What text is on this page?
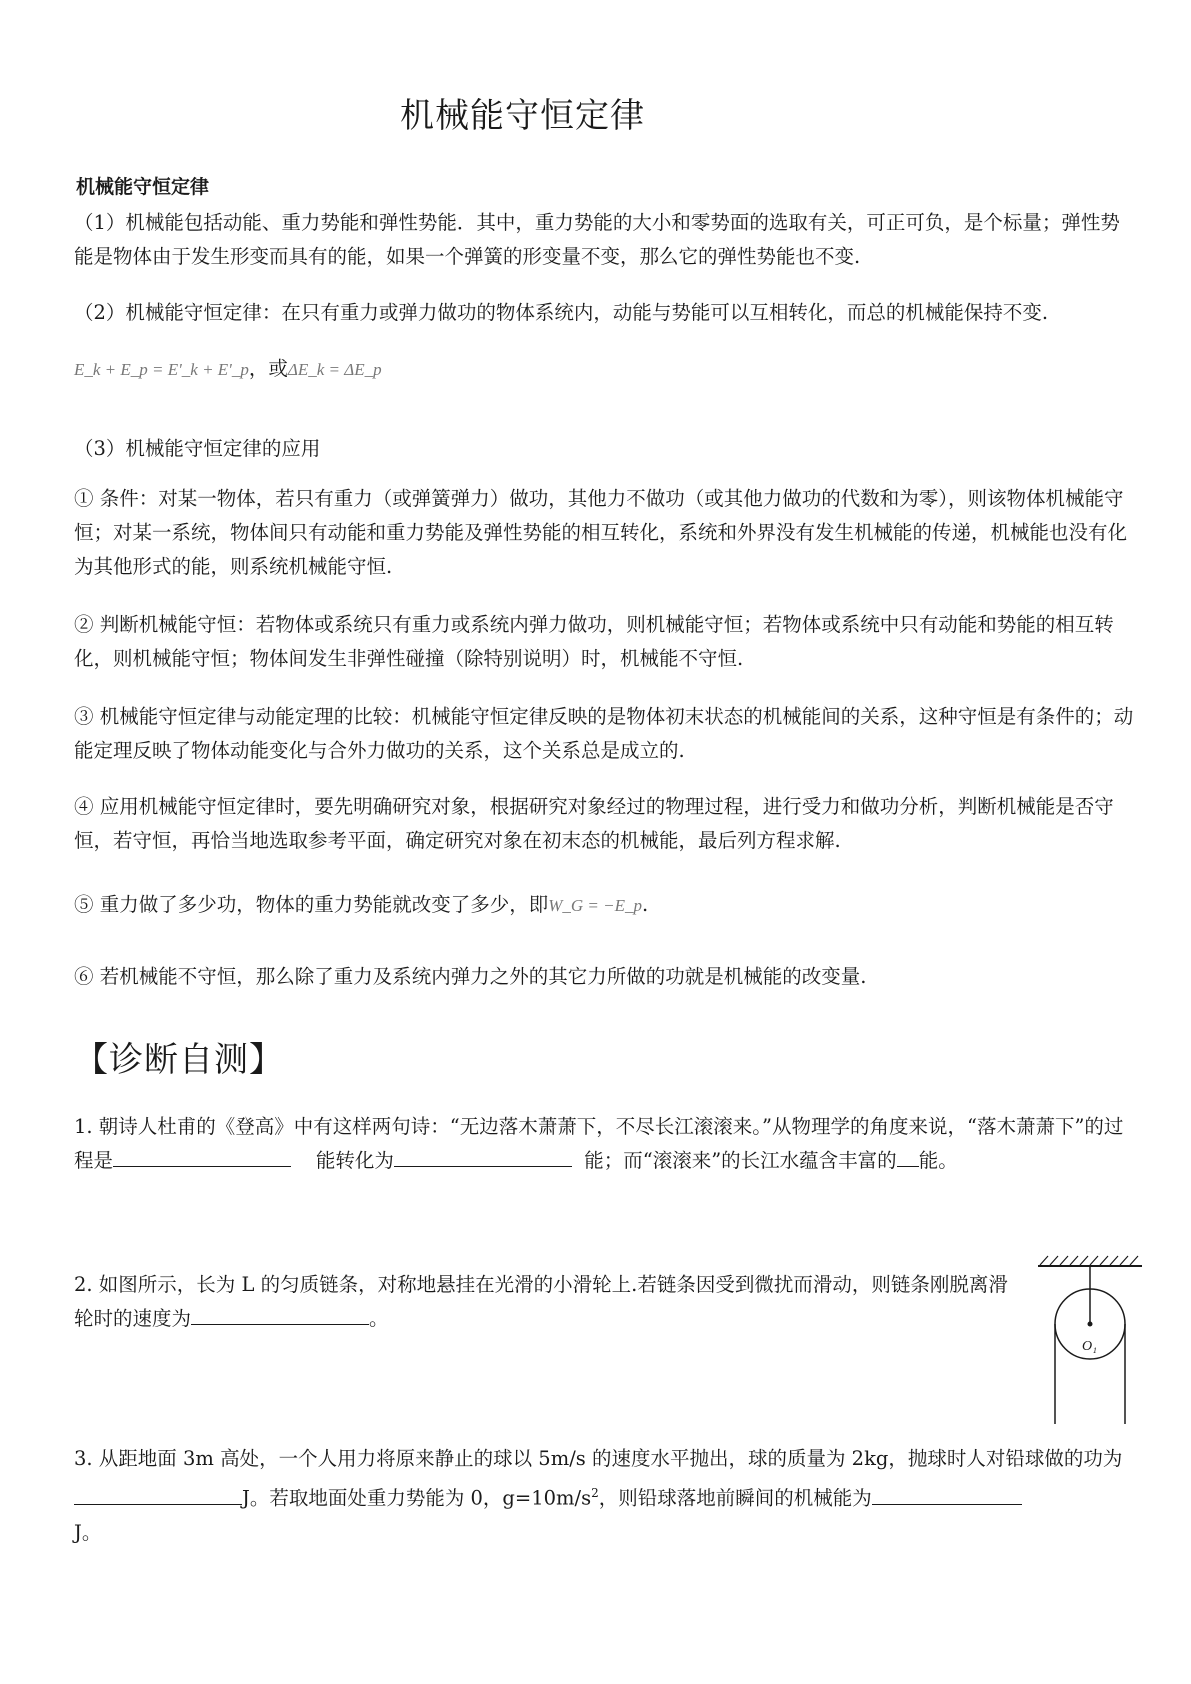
机械能守恒定律
机械能守恒定律
（1）机械能包括动能、重力势能和弹性势能．其中，重力势能的大小和零势面的选取有关，可正可负，是个标量；弹性势能是物体由于发生形变而具有的能，如果一个弹簧的形变量不变，那么它的弹性势能也不变.
（2）机械能守恒定律：在只有重力或弹力做功的物体系统内，动能与势能可以互相转化，而总的机械能保持不变.
E_k + E_p = E'_k + E'_p，或ΔE_k = ΔE_p
（3）机械能守恒定律的应用
① 条件：对某一物体，若只有重力（或弹簧弹力）做功，其他力不做功（或其他力做功的代数和为零），则该物体机械能守恒；对某一系统，物体间只有动能和重力势能及弹性势能的相互转化，系统和外界没有发生机械能的传递，机械能也没有化为其他形式的能，则系统机械能守恒.
② 判断机械能守恒：若物体或系统只有重力或系统内弹力做功，则机械能守恒；若物体或系统中只有动能和势能的相互转化，则机械能守恒；物体间发生非弹性碰撞（除特别说明）时，机械能不守恒.
③ 机械能守恒定律与动能定理的比较：机械能守恒定律反映的是物体初末状态的机械能间的关系，这种守恒是有条件的；动能定理反映了物体动能变化与合外力做功的关系，这个关系总是成立的.
④ 应用机械能守恒定律时，要先明确研究对象，根据研究对象经过的物理过程，进行受力和做功分析，判断机械能是否守恒，若守恒，再恰当地选取参考平面，确定研究对象在初末态的机械能，最后列方程求解.
⑤ 重力做了多少功，物体的重力势能就改变了多少，即W_G = −E_p.
⑥ 若机械能不守恒，那么除了重力及系统内弹力之外的其它力所做的功就是机械能的改变量.
【诊断自测】
1. 朝诗人杜甫的《登高》中有这样两句诗：“无边落木萧萧下，不尽长江滚滚来。”从物理学的角度来说，“落木萧萧下”的过程是	能转化为	能；而“滚滚来”的长江水蕴含丰富的 能。
2. 如图所示，长为 L 的匀质链条，对称地悬挂在光滑的小滑轮上.若链条因受到微扰而滑动，则链条刚脱离滑轮时的速度为	。
O₁
3. 从距地面 3m 高处，一个人用力将原来静止的球以 5m/s 的速度水平抛出，球的质量为 2kg，抛球时人对铅球做的功为J。若取地面处重力势能为 0，$g=10m/s^2$，则铅球落地前瞬间的机械能为
J。
